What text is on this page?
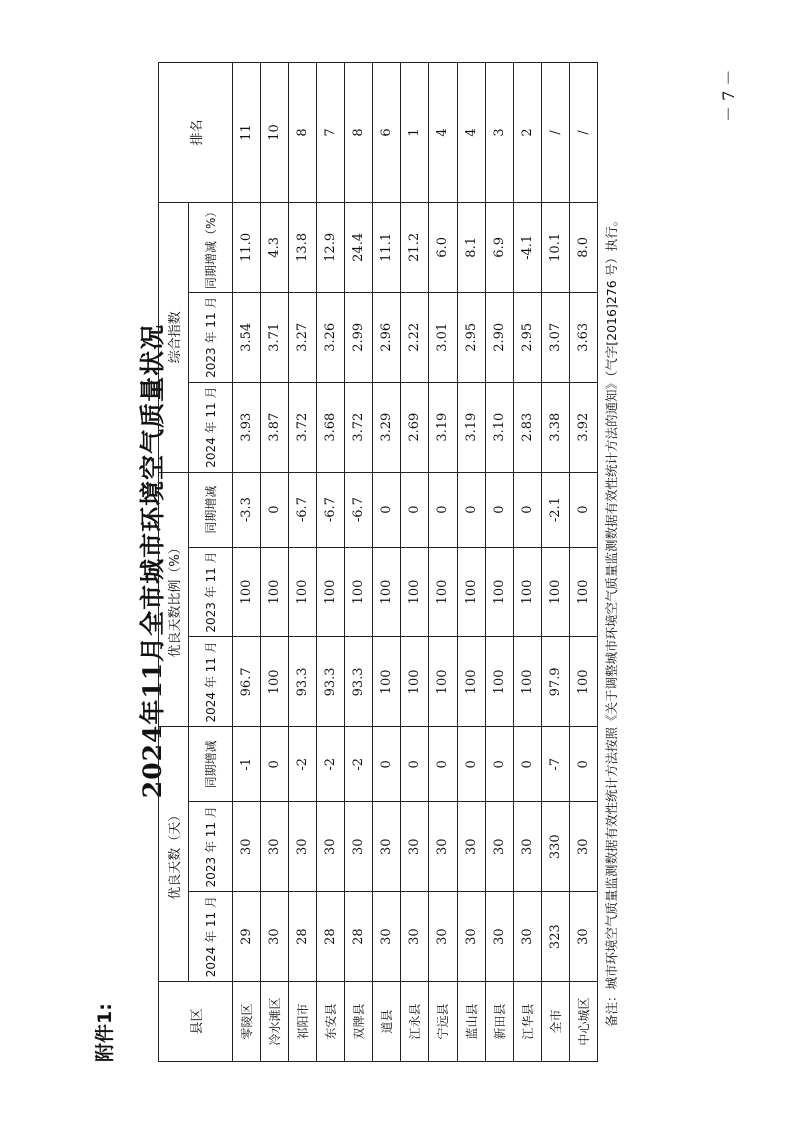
附件1:
2024年11月全市城市环境空气质量状况
县区	优良天数（天）			优良天数比例（%）			综合指数			排名
	2024 年 11 月	2023 年 11 月	同期增减	2024 年 11 月	2023 年 11 月	同期增减	2024 年 11 月	2023 年 11 月	同期增减（%）	
零陵区	29	30	-1	96.7	100	-3.3	3.93	3.54	11.0	11
冷水滩区	30	30	0	100	100	0	3.87	3.71	4.3	10
祁阳市	28	30	-2	93.3	100	-6.7	3.72	3.27	13.8	8
东安县	28	30	-2	93.3	100	-6.7	3.68	3.26	12.9	7
双牌县	28	30	-2	93.3	100	-6.7	3.72	2.99	24.4	8
道县	30	30	0	100	100	0	3.29	2.96	11.1	6
江永县	30	30	0	100	100	0	2.69	2.22	21.2	1
宁远县	30	30	0	100	100	0	3.19	3.01	6.0	4
蓝山县	30	30	0	100	100	0	3.19	2.95	8.1	4
新田县	30	30	0	100	100	0	3.10	2.90	6.9	3
江华县	30	30	0	100	100	0	2.83	2.95	-4.1	2
全市	323	330	-7	97.9	100	-2.1	3.38	3.07	10.1	/
中心城区	30	30	0	100	100	0	3.92	3.63	8.0	/
备注：城市环境空气质量监测数据有效性统计方法按照《关于调整城市环境空气质量监测数据有效性统计方法的通知》（气字[2016]276 号）执行。
－ 7 －
